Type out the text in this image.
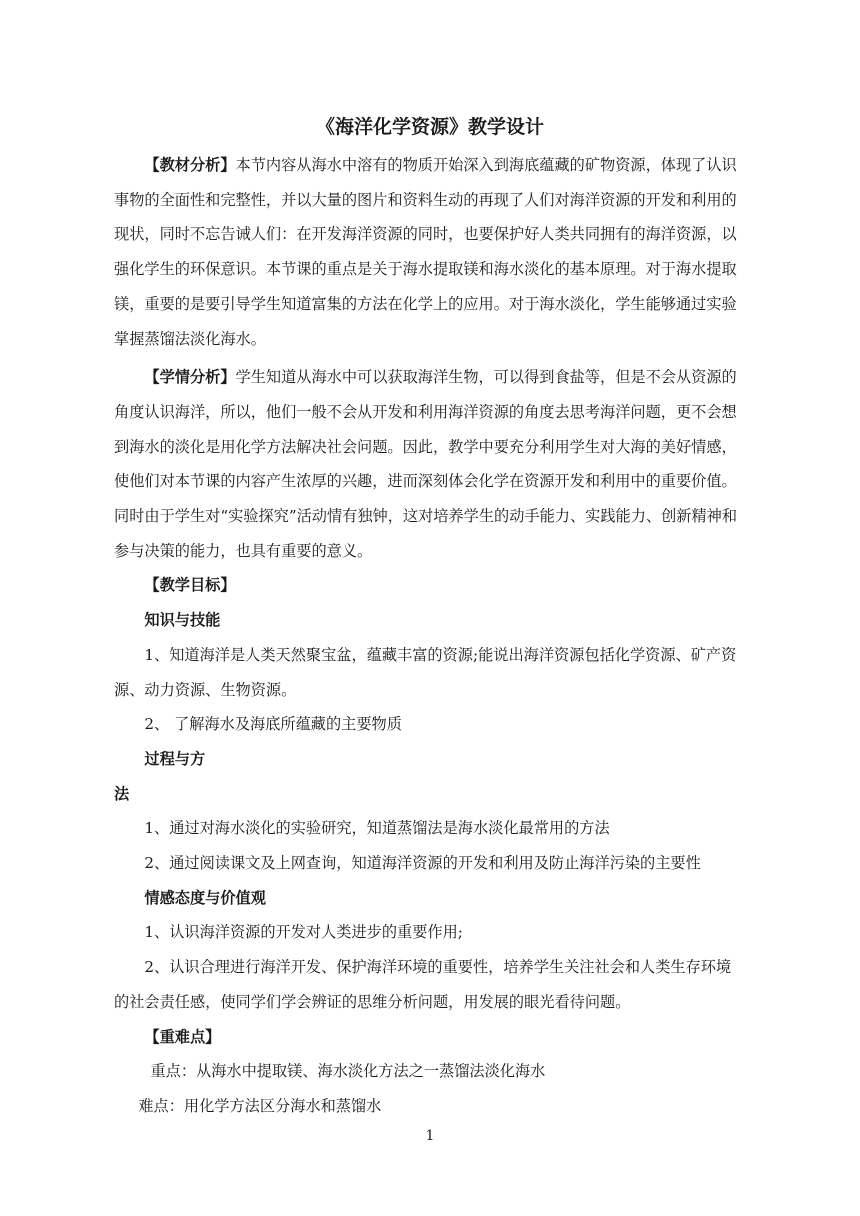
《海洋化学资源》教学设计

【教材分析】本节内容从海水中溶有的物质开始深入到海底蕴藏的矿物资源，体现了认识事物的全面性和完整性，并以大量的图片和资料生动的再现了人们对海洋资源的开发和利用的现状，同时不忘告诫人们：在开发海洋资源的同时，也要保护好人类共同拥有的海洋资源，以强化学生的环保意识。本节课的重点是关于海水提取镁和海水淡化的基本原理。对于海水提取镁，重要的是要引导学生知道富集的方法在化学上的应用。对于海水淡化，学生能够通过实验掌握蒸馏法淡化海水。

【学情分析】学生知道从海水中可以获取海洋生物，可以得到食盐等，但是不会从资源的角度认识海洋，所以，他们一般不会从开发和利用海洋资源的角度去思考海洋问题，更不会想到海水的淡化是用化学方法解决社会问题。因此，教学中要充分利用学生对大海的美好情感，使他们对本节课的内容产生浓厚的兴趣，进而深刻体会化学在资源开发和利用中的重要价值。同时由于学生对“实验探究”活动情有独钟，这对培养学生的动手能力、实践能力、创新精神和参与决策的能力，也具有重要的意义。

【教学目标】

知识与技能

1、知道海洋是人类天然聚宝盆，蕴藏丰富的资源;能说出海洋资源包括化学资源、矿产资源、动力资源、生物资源。

2、 了解海水及海底所蕴藏的主要物质

过程与方

法

1、通过对海水淡化的实验研究，知道蒸馏法是海水淡化最常用的方法

2、通过阅读课文及上网查询，知道海洋资源的开发和利用及防止海洋污染的主要性

情感态度与价值观

1、认识海洋资源的开发对人类进步的重要作用;

2、认识合理进行海洋开发、保护海洋环境的重要性，培养学生关注社会和人类生存环境的社会责任感，使同学们学会辨证的思维分析问题，用发展的眼光看待问题。

【重难点】

重点：从海水中提取镁、海水淡化方法之一蒸馏法淡化海水

难点：用化学方法区分海水和蒸馏水

1
